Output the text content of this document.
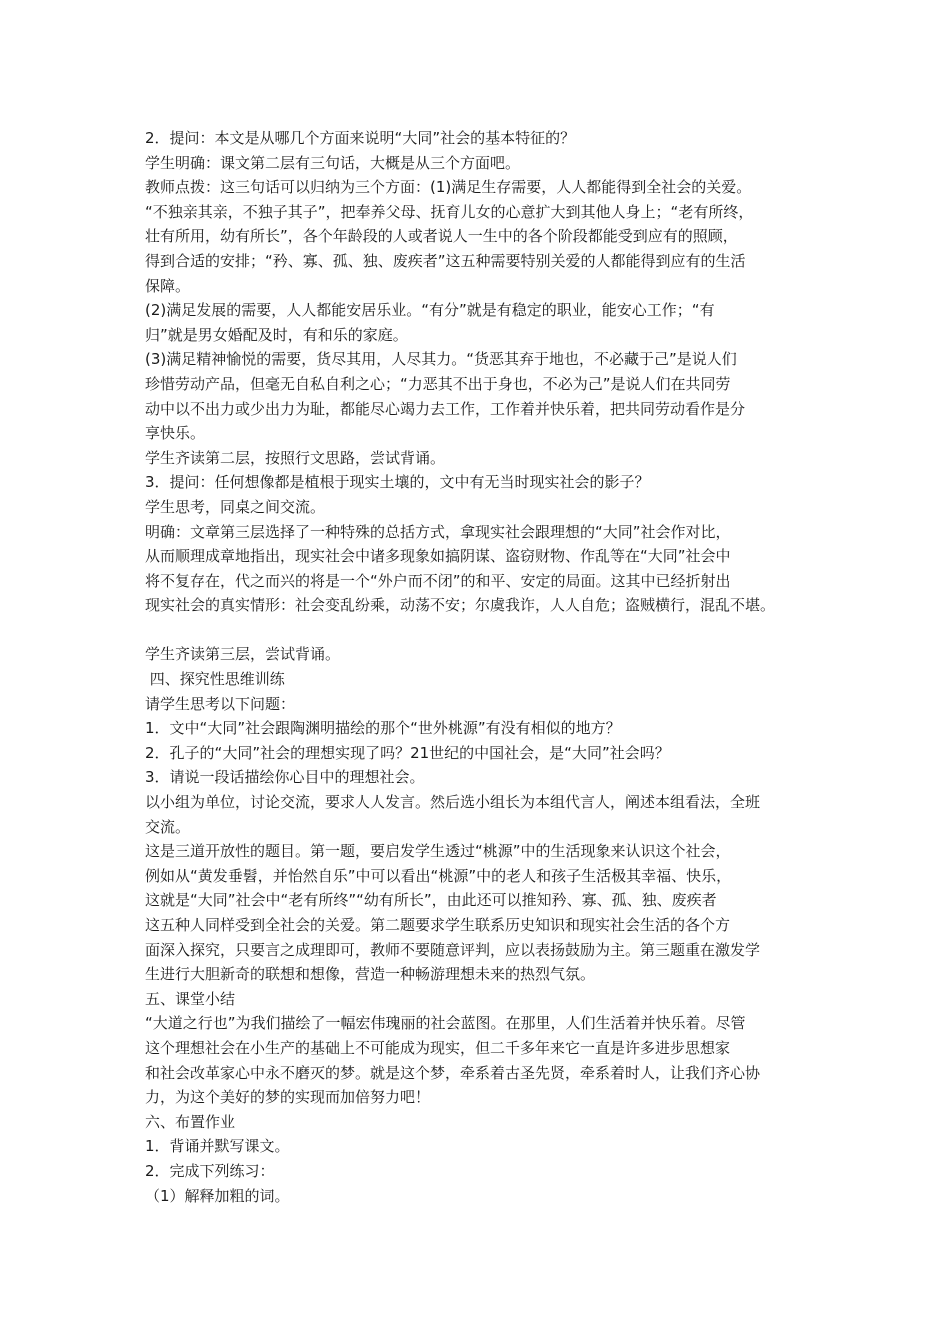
2．提问：本文是从哪几个方面来说明“大同”社会的基本特征的？

学生明确：课文第二层有三句话，大概是从三个方面吧。

教师点拨：这三句话可以归纳为三个方面：(1)满足生存需要，人人都能得到全社会的关爱。

“不独亲其亲，不独子其子”，把奉养父母、抚育儿女的心意扩大到其他人身上；“老有所终，

壮有所用，幼有所长”，各个年龄段的人或者说人一生中的各个阶段都能受到应有的照顾，

得到合适的安排；“矜、寡、孤、独、废疾者”这五种需要特别关爱的人都能得到应有的生活

保障。

(2)满足发展的需要，人人都能安居乐业。“有分”就是有稳定的职业，能安心工作；“有

归”就是男女婚配及时，有和乐的家庭。

(3)满足精神愉悦的需要，货尽其用，人尽其力。“货恶其弃于地也，不必藏于己”是说人们

珍惜劳动产品，但毫无自私自利之心；“力恶其不出于身也，不必为己”是说人们在共同劳

动中以不出力或少出力为耻，都能尽心竭力去工作，工作着并快乐着，把共同劳动看作是分

享快乐。

学生齐读第二层，按照行文思路，尝试背诵。

3．提问：任何想像都是植根于现实土壤的，文中有无当时现实社会的影子？

学生思考，同桌之间交流。

明确：文章第三层选择了一种特殊的总括方式，拿现实社会跟理想的“大同”社会作对比，

从而顺理成章地指出，现实社会中诸多现象如搞阴谋、盗窃财物、作乱等在“大同”社会中

将不复存在，代之而兴的将是一个“外户而不闭”的和平、安定的局面。这其中已经折射出

现实社会的真实情形：社会变乱纷乘，动荡不安；尔虞我诈，人人自危；盗贼横行，混乱不堪。

学生齐读第三层，尝试背诵。

四、探究性思维训练

请学生思考以下问题：

1．文中“大同”社会跟陶渊明描绘的那个“世外桃源”有没有相似的地方？

2．孔子的“大同”社会的理想实现了吗？21世纪的中国社会，是“大同”社会吗？

3．请说一段话描绘你心目中的理想社会。

以小组为单位，讨论交流，要求人人发言。然后选小组长为本组代言人，阐述本组看法，全班

交流。

这是三道开放性的题目。第一题，要启发学生透过“桃源”中的生活现象来认识这个社会，

例如从“黄发垂髫，并怡然自乐”中可以看出“桃源”中的老人和孩子生活极其幸福、快乐，

这就是“大同”社会中“老有所终”“幼有所长”，由此还可以推知矜、寡、孤、独、废疾者

这五种人同样受到全社会的关爱。第二题要求学生联系历史知识和现实社会生活的各个方

面深入探究，只要言之成理即可，教师不要随意评判，应以表扬鼓励为主。第三题重在激发学

生进行大胆新奇的联想和想像，营造一种畅游理想未来的热烈气氛。

五、课堂小结

“大道之行也”为我们描绘了一幅宏伟瑰丽的社会蓝图。在那里，人们生活着并快乐着。尽管

这个理想社会在小生产的基础上不可能成为现实，但二千多年来它一直是许多进步思想家

和社会改革家心中永不磨灭的梦。就是这个梦，牵系着古圣先贤，牵系着时人，让我们齐心协

力，为这个美好的梦的实现而加倍努力吧！

六、布置作业

1．背诵并默写课文。

2．完成下列练习：

（1）解释加粗的词。
